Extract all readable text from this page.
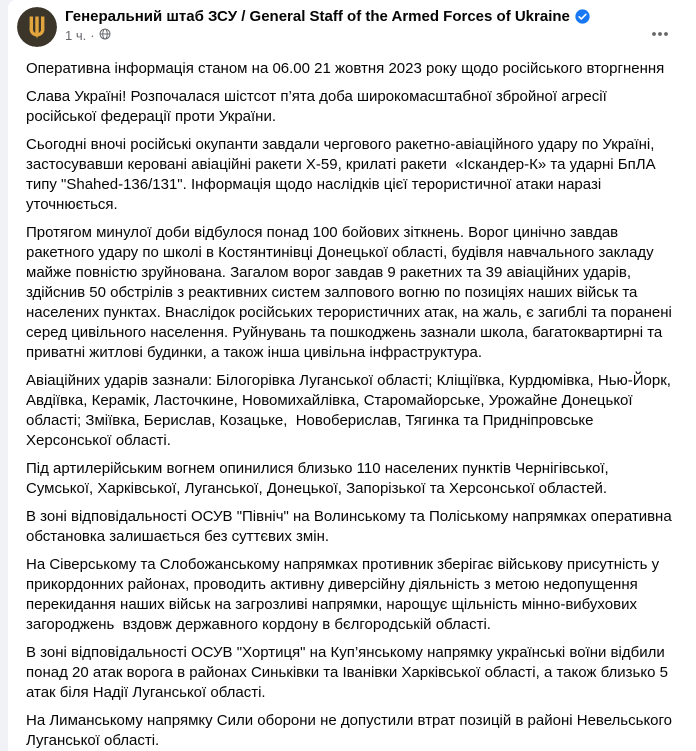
Генеральний штаб ЗСУ / General Staff of the Armed Forces of Ukraine
1 ч. ·

Оперативна інформація станом на 06.00 21 жовтня 2023 року щодо російського вторгнення

Слава Україні! Розпочалася шістсот п’ята доба широкомасштабної збройної агресії російської федерації проти України.

Сьогодні вночі російські окупанти завдали чергового ракетно-авіаційного удару по Україні, застосувавши керовані авіаційні ракети Х-59, крилаті ракети  «Іскандер-К» та ударні БпЛА типу "Shahed-136/131". Інформація щодо наслідків цієї терористичної атаки наразі уточнюється.

Протягом минулої доби відбулося понад 100 бойових зіткнень. Ворог цинічно завдав ракетного удару по школі в Костянтинівці Донецької області, будівля навчального закладу майже повністю зруйнована. Загалом ворог завдав 9 ракетних та 39 авіаційних ударів, здійснив 50 обстрілів з реактивних систем залпового вогню по позиціях наших військ та населених пунктах. Внаслідок російських терористичних атак, на жаль, є загиблі та поранені серед цивільного населення. Руйнувань та пошкоджень зазнали школа, багатоквартирні та приватні житлові будинки, а також інша цивільна інфраструктура.

Авіаційних ударів зазнали: Білогорівка Луганської області; Кліщіївка, Курдюмівка, Нью-Йорк, Авдіївка, Керамік, Ласточкине, Новомихайлівка, Старомайорське, Урожайне Донецької області; Зміївка, Берислав, Козацьке,  Новоберислав, Тягинка та Придніпровське Херсонської області.

Під артилерійським вогнем опинилися близько 110 населених пунктів Чернігівської, Сумської, Харківської, Луганської, Донецької, Запорізької та Херсонської областей.

В зоні відповідальності ОСУВ "Північ" на Волинському та Поліському напрямках оперативна обстановка залишається без суттєвих змін.

На Сіверському та Слобожанському напрямках противник зберігає військову присутність у прикордонних районах, проводить активну диверсійну діяльність з метою недопущення перекидання наших військ на загрозливі напрямки, нарощує щільність мінно-вибухових загороджень  вздовж державного кордону в бєлгородській області.

В зоні відповідальності ОСУВ "Хортиця" на Куп’янському напрямку українські воїни відбили понад 20 атак ворога в районах Синьківки та Іванівки Харківської області, а також близько 5 атак біля Надії Луганської області.

На Лиманському напрямку Сили оборони не допустили втрат позицій в районі Невельського Луганської області.
